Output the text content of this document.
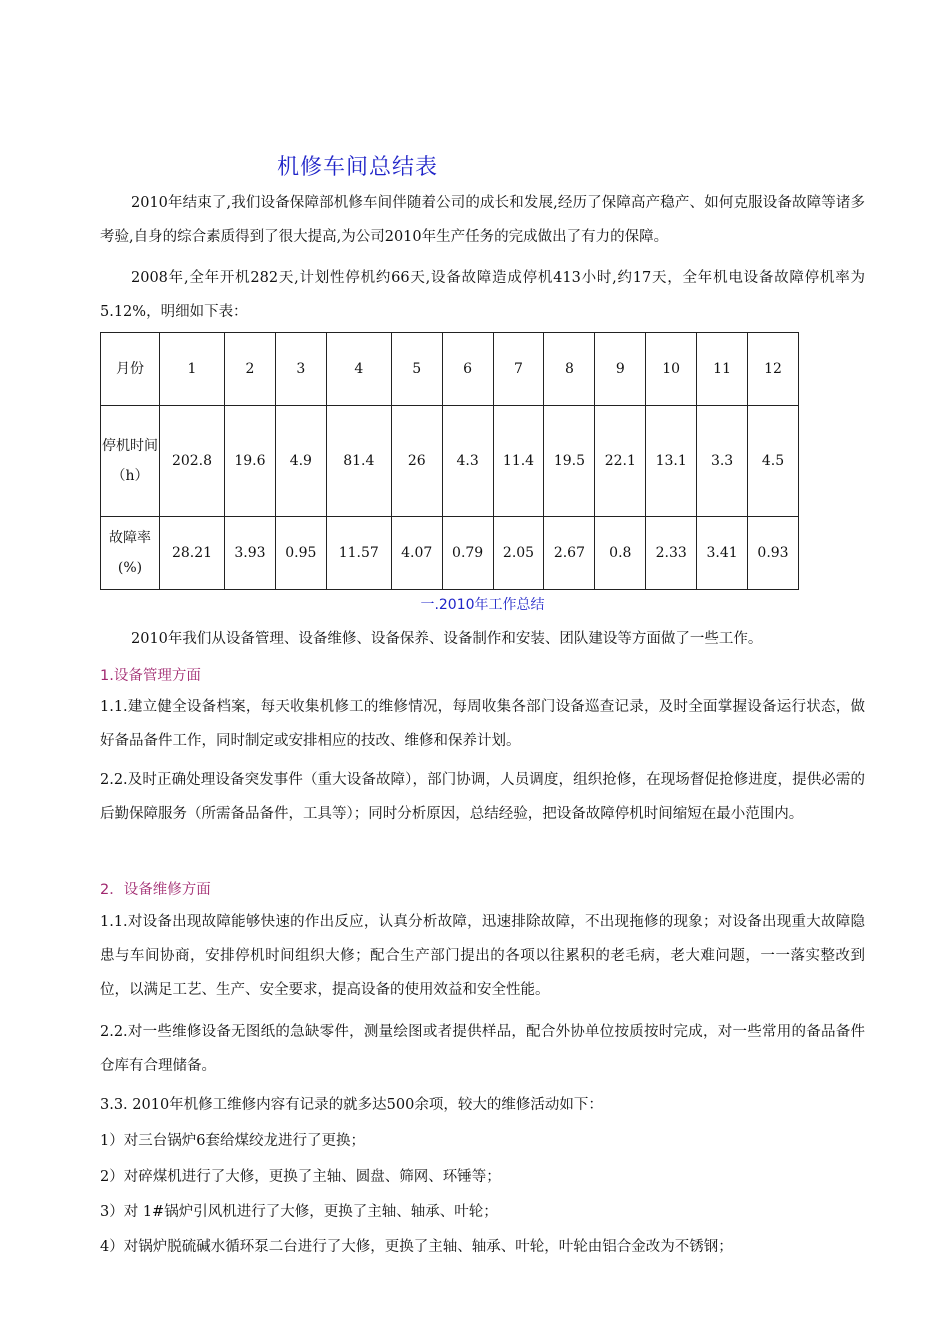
机修车间总结表
2010年结束了,我们设备保障部机修车间伴随着公司的成长和发展,经历了保障高产稳产、如何克服设备故障等诸多考验,自身的综合素质得到了很大提高,为公司2010年生产任务的完成做出了有力的保障。
2008年,全年开机282天,计划性停机约66天,设备故障造成停机413小时,约17天，全年机电设备故障停机率为5.12%，明细如下表：
月份	1	2	3	4	5	6	7	8	9	10	11	12
停机时间（h）	202.8	19.6	4.9	81.4	26	4.3	11.4	19.5	22.1	13.1	3.3	4.5
故障率(%)	28.21	3.93	0.95	11.57	4.07	0.79	2.05	2.67	0.8	2.33	3.41	0.93
一.2010年工作总结
2010年我们从设备管理、设备维修、设备保养、设备制作和安装、团队建设等方面做了一些工作。
1.设备管理方面
1.1.建立健全设备档案，每天收集机修工的维修情况，每周收集各部门设备巡查记录，及时全面掌握设备运行状态，做好备品备件工作，同时制定或安排相应的技改、维修和保养计划。
2.2.及时正确处理设备突发事件（重大设备故障），部门协调，人员调度，组织抢修，在现场督促抢修进度，提供必需的后勤保障服务（所需备品备件，工具等）；同时分析原因，总结经验，把设备故障停机时间缩短在最小范围内。
2．设备维修方面
1.1.对设备出现故障能够快速的作出反应，认真分析故障，迅速排除故障，不出现拖修的现象；对设备出现重大故障隐患与车间协商，安排停机时间组织大修；配合生产部门提出的各项以往累积的老毛病，老大难问题，一一落实整改到位，以满足工艺、生产、安全要求，提高设备的使用效益和安全性能。
2.2.对一些维修设备无图纸的急缺零件，测量绘图或者提供样品，配合外协单位按质按时完成，对一些常用的备品备件仓库有合理储备。
3.3. 2010年机修工维修内容有记录的就多达500余项，较大的维修活动如下：
1）对三台锅炉6套给煤绞龙进行了更换；
2）对碎煤机进行了大修，更换了主轴、圆盘、筛网、环锤等；
3）对 1#锅炉引风机进行了大修，更换了主轴、轴承、叶轮；
4）对锅炉脱硫碱水循环泵二台进行了大修，更换了主轴、轴承、叶轮，叶轮由铝合金改为不锈钢；
